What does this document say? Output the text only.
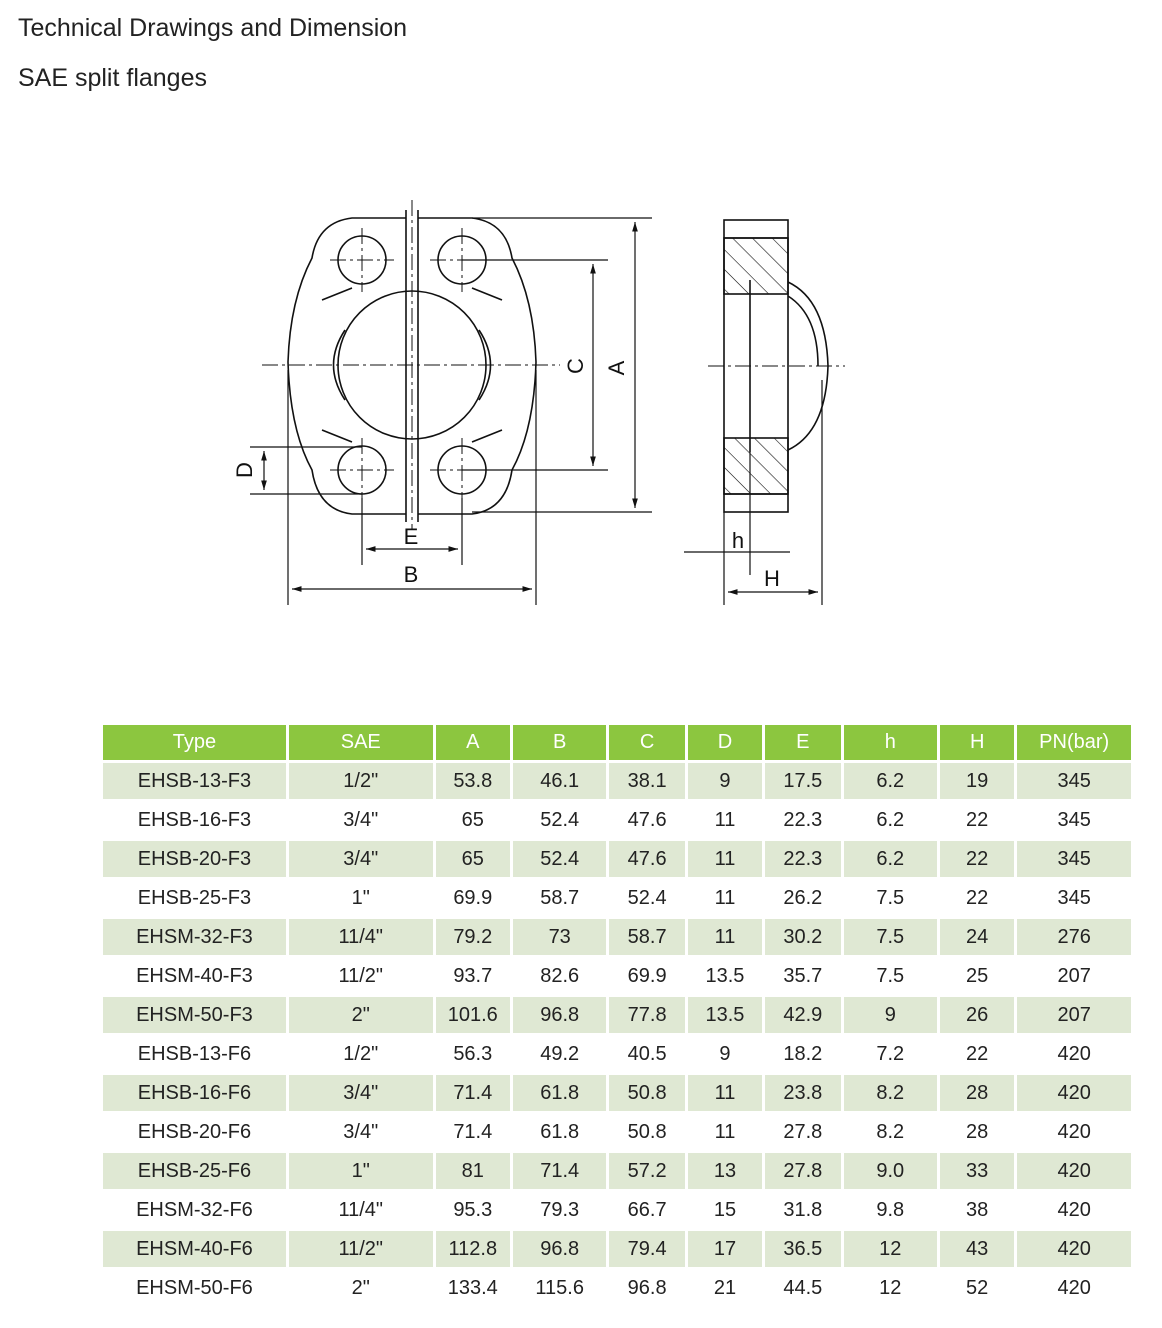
Technical Drawings and Dimension
SAE split flanges
A
C
D
E
B
h
H
Type	SAE	A	B	C	D	E	h	H	PN(bar)
EHSB-13-F3	1/2"	53.8	46.1	38.1	9	17.5	6.2	19	345
EHSB-16-F3	3/4"	65	52.4	47.6	11	22.3	6.2	22	345
EHSB-20-F3	3/4"	65	52.4	47.6	11	22.3	6.2	22	345
EHSB-25-F3	1"	69.9	58.7	52.4	11	26.2	7.5	22	345
EHSM-32-F3	11/4"	79.2	73	58.7	11	30.2	7.5	24	276
EHSM-40-F3	11/2"	93.7	82.6	69.9	13.5	35.7	7.5	25	207
EHSM-50-F3	2"	101.6	96.8	77.8	13.5	42.9	9	26	207
EHSB-13-F6	1/2"	56.3	49.2	40.5	9	18.2	7.2	22	420
EHSB-16-F6	3/4"	71.4	61.8	50.8	11	23.8	8.2	28	420
EHSB-20-F6	3/4"	71.4	61.8	50.8	11	27.8	8.2	28	420
EHSB-25-F6	1"	81	71.4	57.2	13	27.8	9.0	33	420
EHSM-32-F6	11/4"	95.3	79.3	66.7	15	31.8	9.8	38	420
EHSM-40-F6	11/2"	112.8	96.8	79.4	17	36.5	12	43	420
EHSM-50-F6	2"	133.4	115.6	96.8	21	44.5	12	52	420
